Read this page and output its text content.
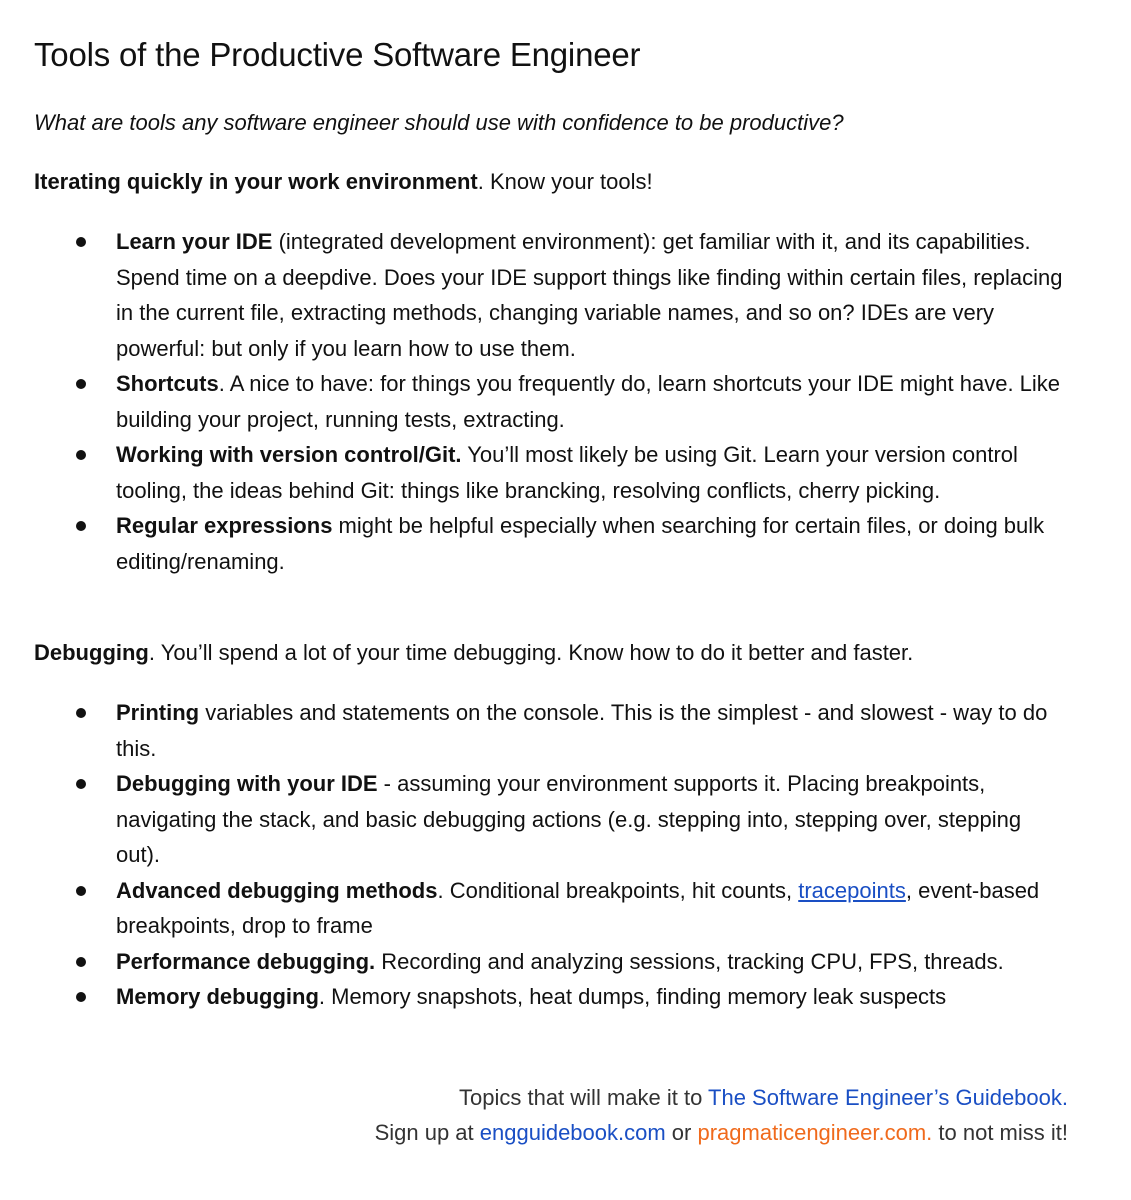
Tools of the Productive Software Engineer

What are tools any software engineer should use with confidence to be productive?

Iterating quickly in your work environment. Know your tools!

Learn your IDE (integrated development environment): get familiar with it, and its capabilities. Spend time on a deepdive. Does your IDE support things like finding within certain files, replacing in the current file, extracting methods, changing variable names, and so on? IDEs are very powerful: but only if you learn how to use them.
Shortcuts. A nice to have: for things you frequently do, learn shortcuts your IDE might have. Like building your project, running tests, extracting.
Working with version control/Git. You’ll most likely be using Git. Learn your version control tooling, the ideas behind Git: things like brancking, resolving conflicts, cherry picking.
Regular expressions might be helpful especially when searching for certain files, or doing bulk editing/renaming.

Debugging. You’ll spend a lot of your time debugging. Know how to do it better and faster.

Printing variables and statements on the console. This is the simplest - and slowest - way to do this.
Debugging with your IDE - assuming your environment supports it. Placing breakpoints, navigating the stack, and basic debugging actions (e.g. stepping into, stepping over, stepping out).
Advanced debugging methods. Conditional breakpoints, hit counts, tracepoints, event-based breakpoints, drop to frame
Performance debugging. Recording and analyzing sessions, tracking CPU, FPS, threads.
Memory debugging. Memory snapshots, heat dumps, finding memory leak suspects
Topics that will make it to The Software Engineer’s Guidebook.
Sign up at engguidebook.com or pragmaticengineer.com. to not miss it!
